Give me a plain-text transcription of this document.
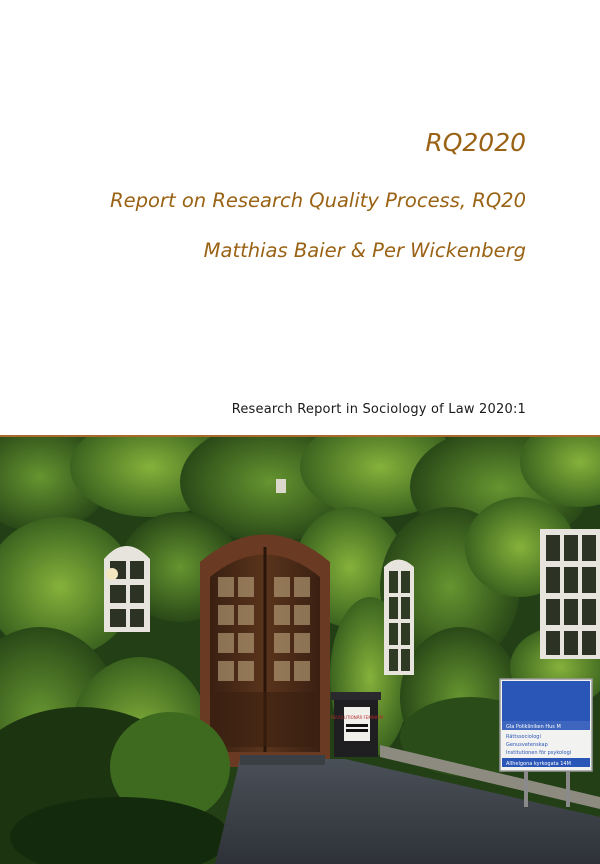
RQ2020
Report on Research Quality Process, RQ20

Matthias Baier & Per Wickenberg

Research Report in Sociology of Law 2020:1

REVOLUTIONÄR FEMINISM
Gla Polikliniken Hus M
Rättssociologi
Genusvetenskap
Institutionen för psykologi
Allhelgona kyrkogata 14M
